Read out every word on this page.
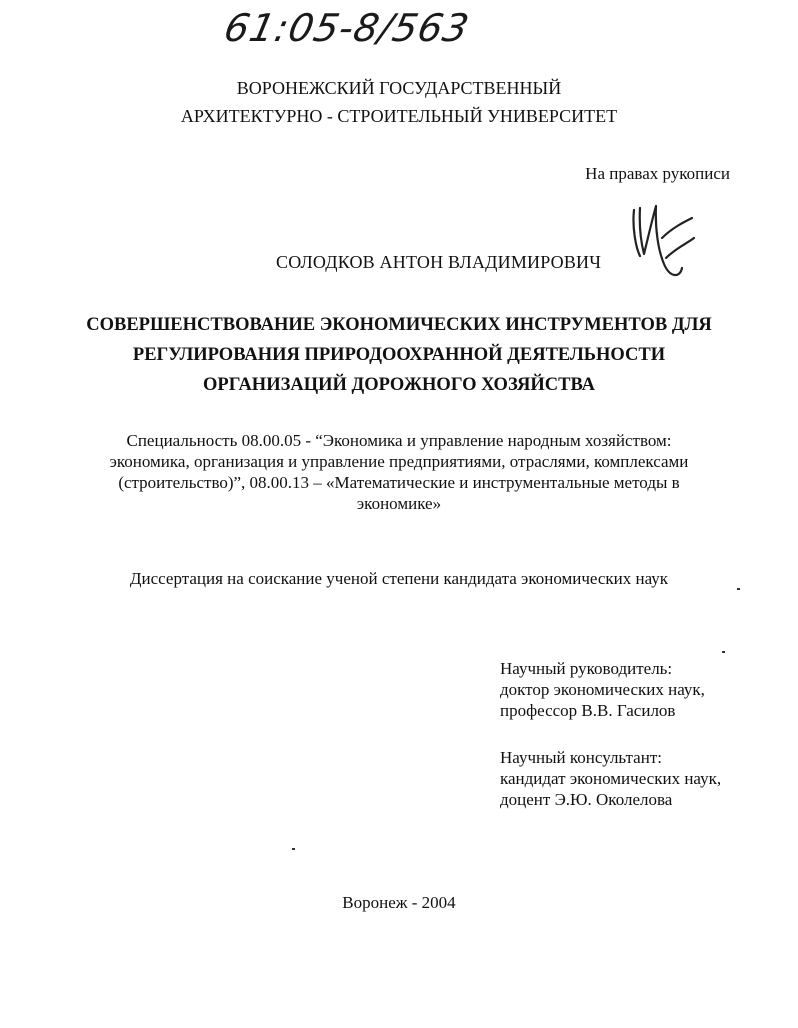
61:05-8/563
ВОРОНЕЖСКИЙ ГОСУДАРСТВЕННЫЙ
АРХИТЕКТУРНО - СТРОИТЕЛЬНЫЙ УНИВЕРСИТЕТ
На правах рукописи
СОЛОДКОВ АНТОН ВЛАДИМИРОВИЧ
СОВЕРШЕНСТВОВАНИЕ ЭКОНОМИЧЕСКИХ ИНСТРУМЕНТОВ ДЛЯ
РЕГУЛИРОВАНИЯ ПРИРОДООХРАННОЙ ДЕЯТЕЛЬНОСТИ
ОРГАНИЗАЦИЙ ДОРОЖНОГО ХОЗЯЙСТВА
Специальность 08.00.05 - “Экономика и управление народным хозяйством:
экономика, организация и управление предприятиями, отраслями, комплексами
(строительство)”, 08.00.13 – «Математические и инструментальные методы в
экономике»
Диссертация на соискание ученой степени кандидата экономических наук
Научный руководитель:
доктор экономических наук,
профессор В.В. Гасилов
Научный консультант:
кандидат экономических наук,
доцент Э.Ю. Околелова
Воронеж - 2004
